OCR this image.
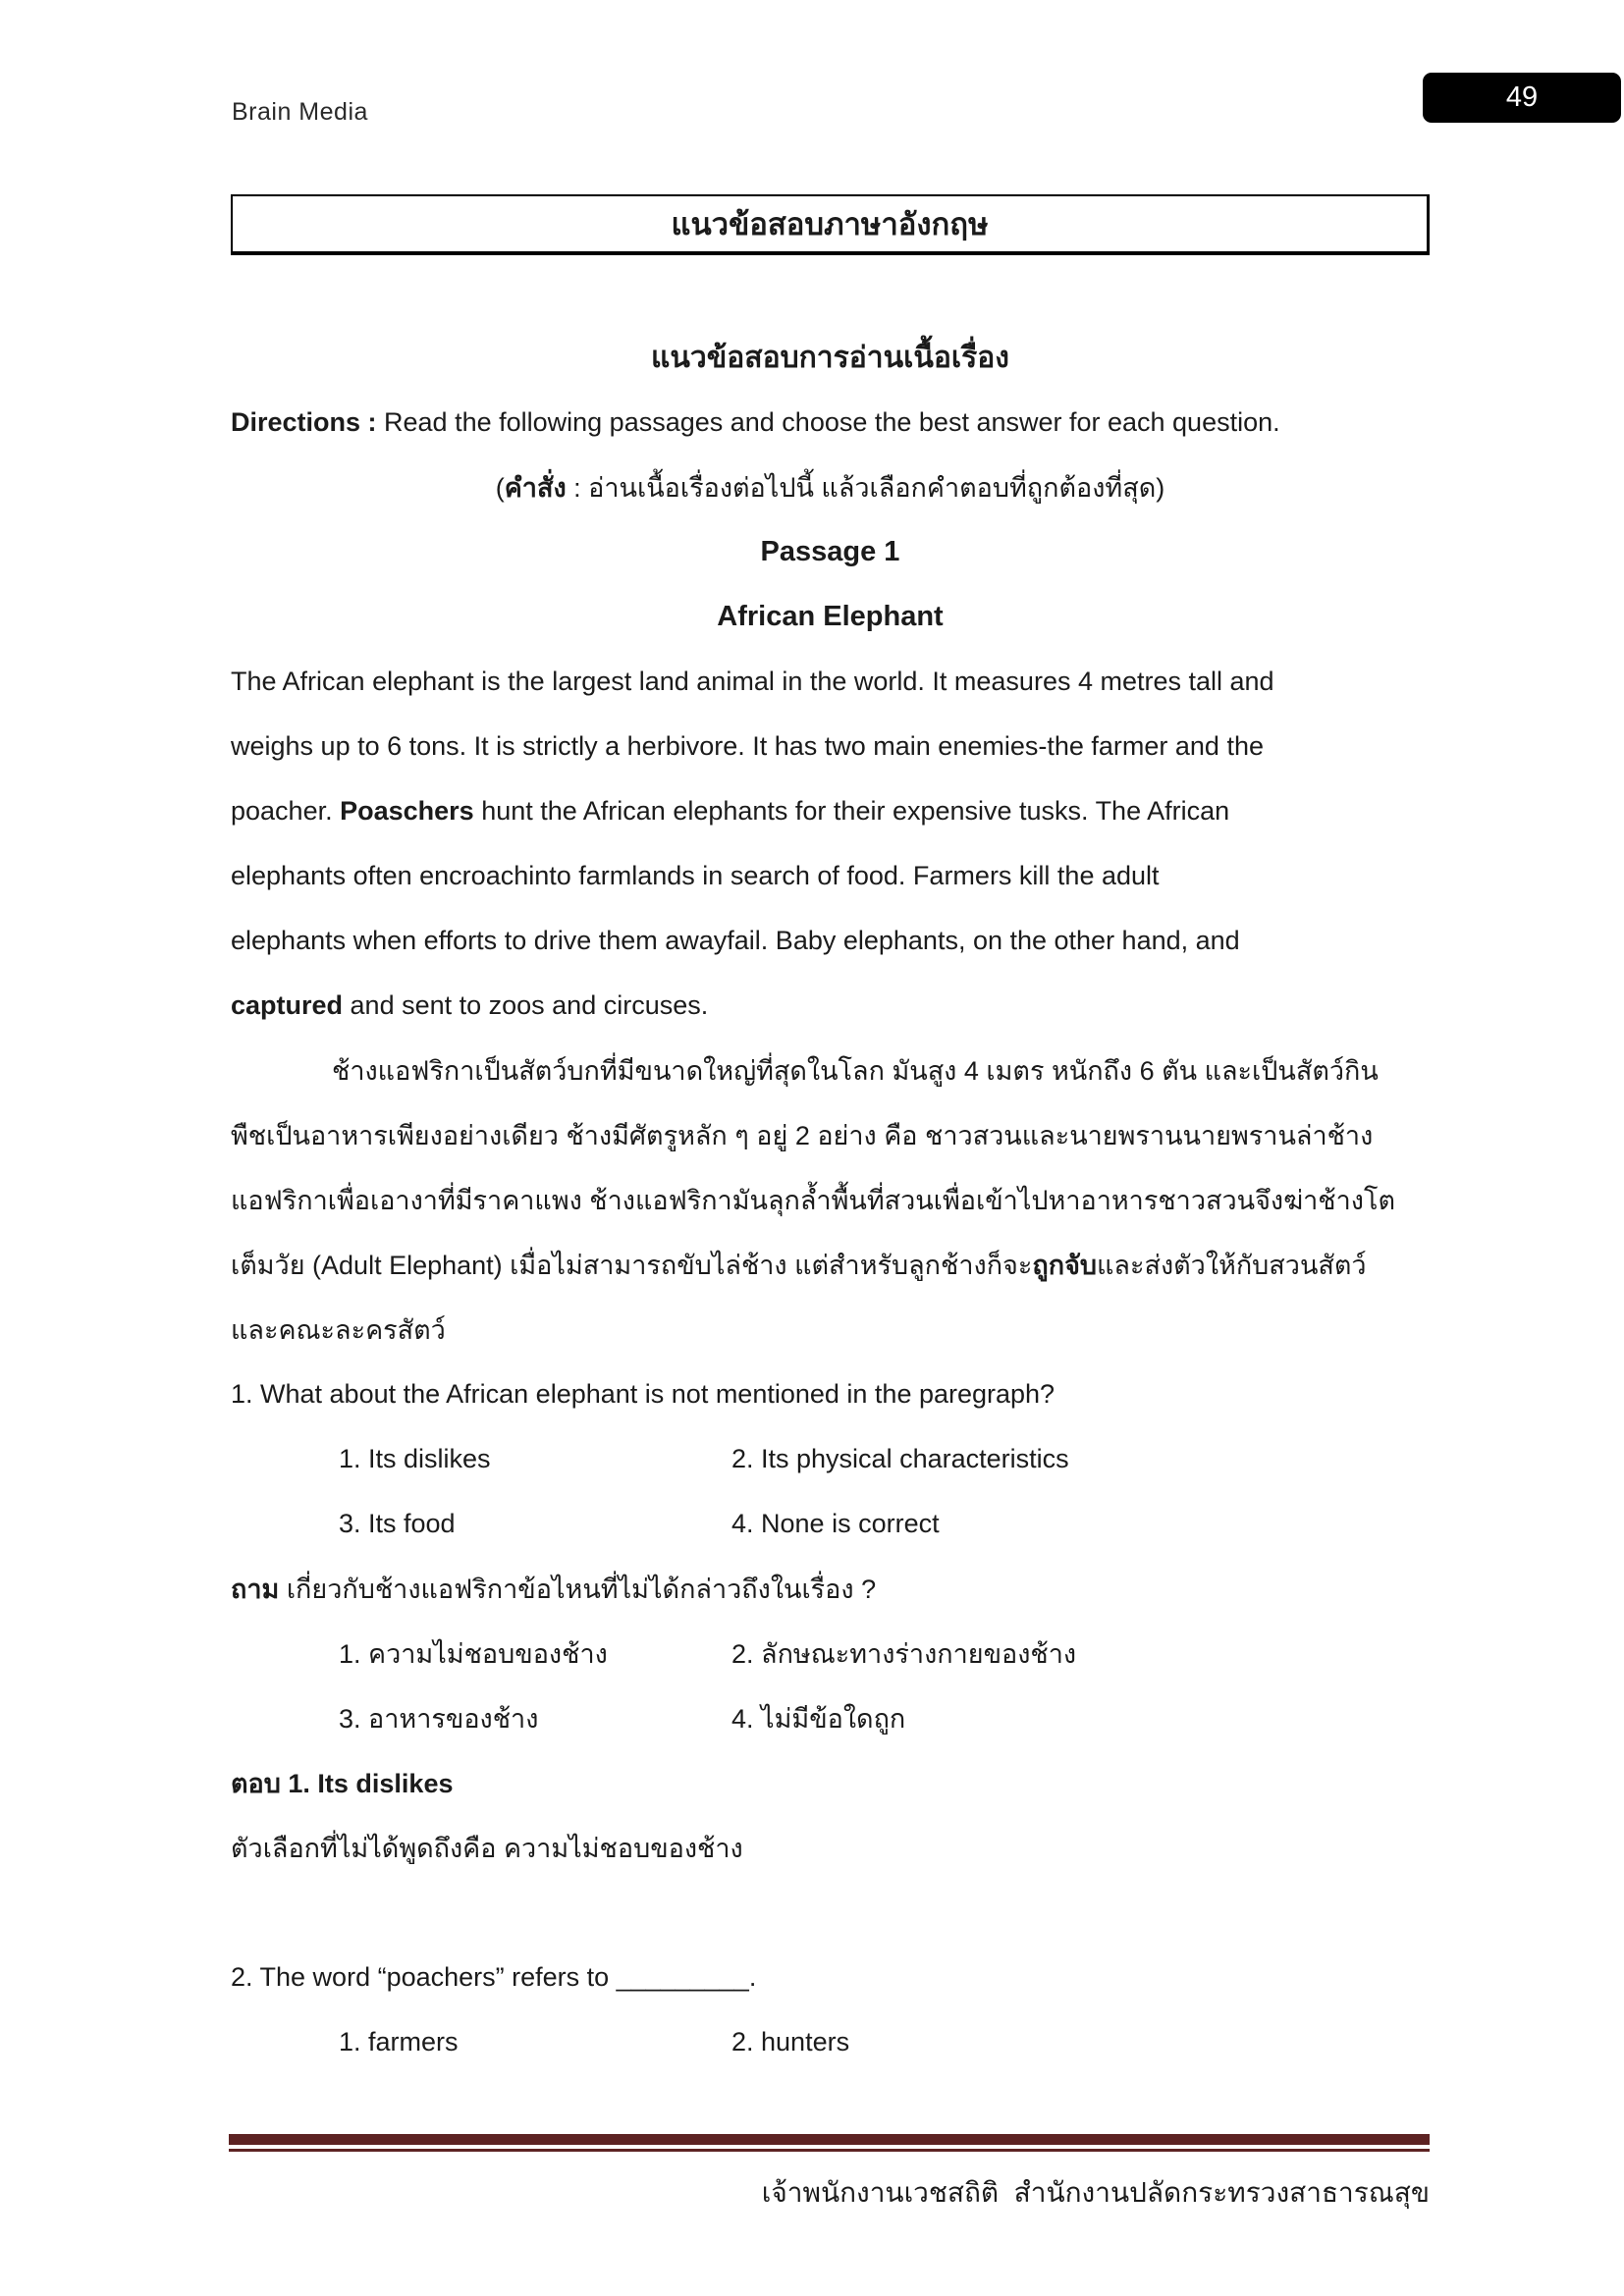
Brain Media	49
แนวข้อสอบภาษาอังกฤษ
แนวข้อสอบการอ่านเนื้อเรื่อง
Directions : Read the following passages and choose the best answer for each question.
(คำสั่ง : อ่านเนื้อเรื่องต่อไปนี้ แล้วเลือกคำตอบที่ถูกต้องที่สุด)
Passage 1
African Elephant
The African elephant is the largest land animal in the world. It measures 4 metres tall and
weighs up to 6 tons. It is strictly a herbivore. It has two main enemies-the farmer and the
poacher. Poaschers hunt the African elephants for their expensive tusks. The African
elephants often encroachinto farmlands in search of food. Farmers kill the adult
elephants when efforts to drive them awayfail. Baby elephants, on the other hand, and
captured and sent to zoos and circuses.
ช้างแอฟริกาเป็นสัตว์บกที่มีขนาดใหญ่ที่สุดในโลก มันสูง 4 เมตร หนักถึง 6 ตัน และเป็นสัตว์กิน
พืชเป็นอาหารเพียงอย่างเดียว ช้างมีศัตรูหลัก ๆ อยู่ 2 อย่าง คือ ชาวสวนและนายพรานนายพรานล่าช้าง
แอฟริกาเพื่อเอางาที่มีราคาแพง ช้างแอฟริกามันลุกล้ำพื้นที่สวนเพื่อเข้าไปหาอาหารชาวสวนจึงฆ่าช้างโต
เต็มวัย (Adult Elephant) เมื่อไม่สามารถขับไล่ช้าง แต่สำหรับลูกช้างก็จะถูกจับและส่งตัวให้กับสวนสัตว์
และคณะละครสัตว์
1. What about the African elephant is not mentioned in the paregraph?
1. Its dislikes	2. Its physical characteristics
3. Its food	4. None is correct
ถาม เกี่ยวกับช้างแอฟริกาข้อไหนที่ไม่ได้กล่าวถึงในเรื่อง ?
1. ความไม่ชอบของช้าง	2. ลักษณะทางร่างกายของช้าง
3. อาหารของช้าง	4. ไม่มีข้อใดถูก
ตอบ 1. Its dislikes
ตัวเลือกที่ไม่ได้พูดถึงคือ ความไม่ชอบของช้าง
2. The word “poachers” refers to _________.
1. farmers	2. hunters
เจ้าพนักงานเวชสถิติ  สำนักงานปลัดกระทรวงสาธารณสุข
